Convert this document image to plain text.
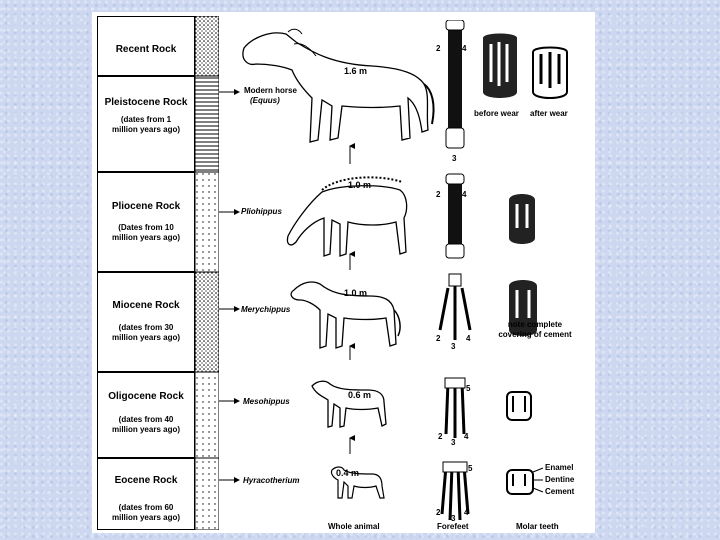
Recent Rock
Pleistocene Rock
(dates from 1
million years ago)
Pliocene Rock
(Dates from 10
million years ago)
Miocene Rock
(dates from 30
million years ago)
Oligocene Rock
(dates from 40
million years ago)
Eocene Rock
(dates from 60
million years ago)
Modern horse
(Equus)
Pliohippus
Merychippus
Mesohippus
Hyracotherium
1.6 m
1.0 m
1.0 m
0.6 m
0.4 m
2	4
3
2	4
2
3
4
5
2
3
4
5
2
3
4
before wear after wear
note complete
covering of cement
Enamel
Dentine
Cement
Whole animal	Forefeet	Molar teeth
